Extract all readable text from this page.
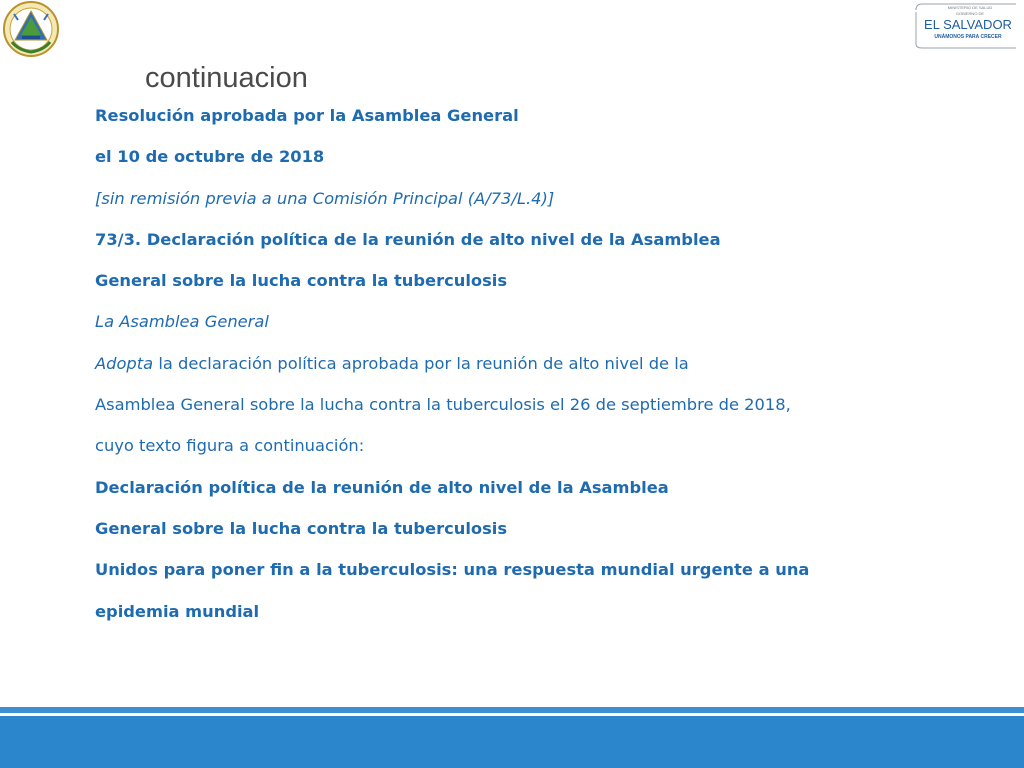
MINISTERIO DE SALUD
GOBIERNO DE
EL SALVADOR
UNÁMONOS PARA CRECER
continuacion
Resolución aprobada por la Asamblea General
el 10 de octubre de 2018
[sin remisión previa a una Comisión Principal (A/73/L.4)]
73/3. Declaración política de la reunión de alto nivel de la Asamblea
General sobre la lucha contra la tuberculosis
La Asamblea General
Adopta la declaración política aprobada por la reunión de alto nivel de la
Asamblea General sobre la lucha contra la tuberculosis el 26 de septiembre de 2018,
cuyo texto figura a continuación:
Declaración política de la reunión de alto nivel de la Asamblea
General sobre la lucha contra la tuberculosis
Unidos para poner fin a la tuberculosis: una respuesta mundial urgente a una
epidemia mundial
